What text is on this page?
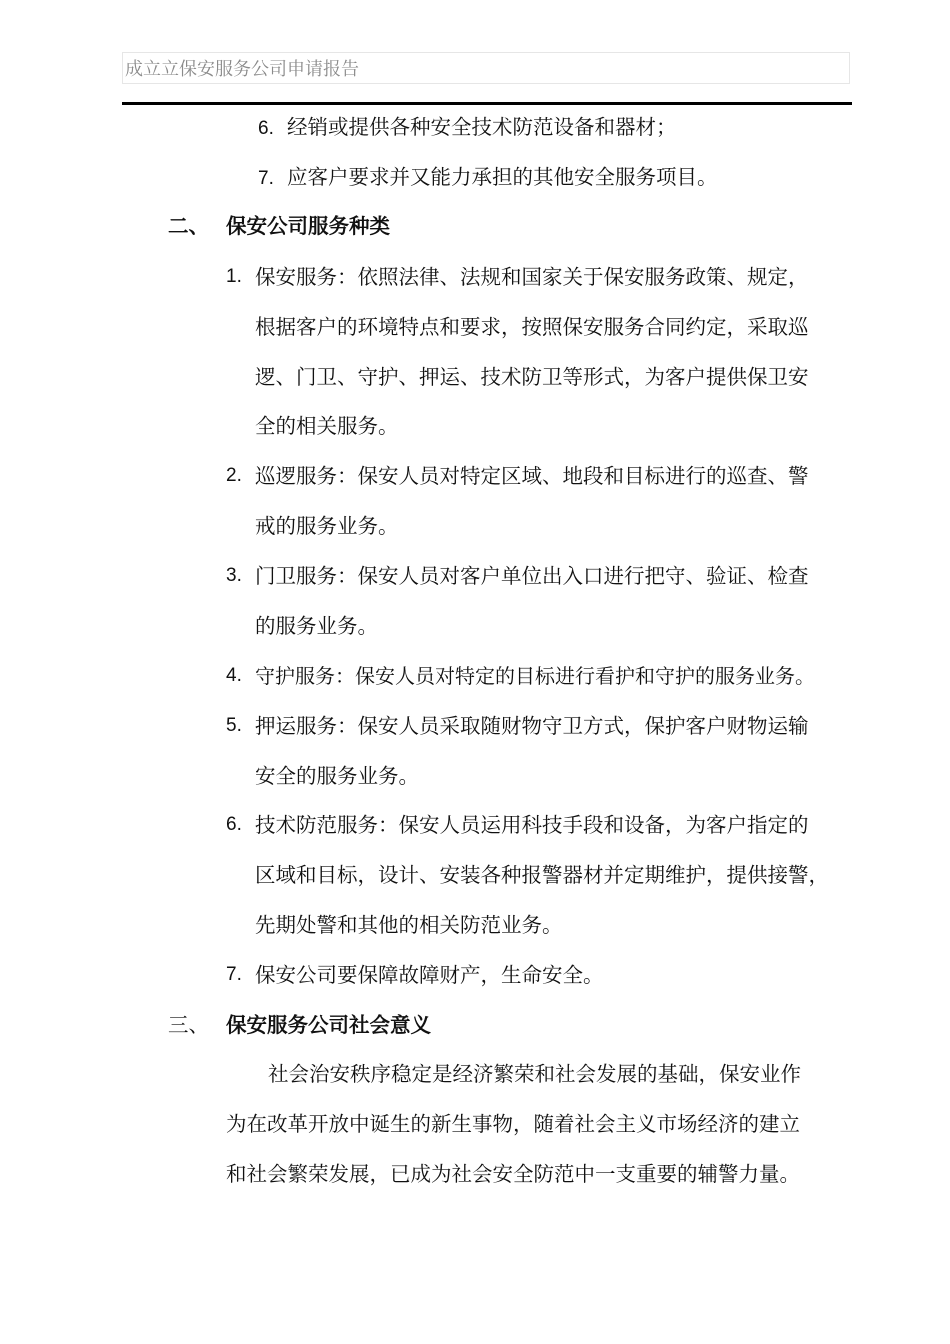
成立立保安服务公司申请报告
6. 经销或提供各种安全技术防范设备和器材；
7. 应客户要求并又能力承担的其他安全服务项目。
二、 保安公司服务种类
1. 保安服务：依照法律、法规和国家关于保安服务政策、规定，
根据客户的环境特点和要求，按照保安服务合同约定，采取巡
逻、门卫、守护、押运、技术防卫等形式，为客户提供保卫安
全的相关服务。
2. 巡逻服务：保安人员对特定区域、地段和目标进行的巡查、警
戒的服务业务。
3. 门卫服务：保安人员对客户单位出入口进行把守、验证、检查
的服务业务。
4. 守护服务：保安人员对特定的目标进行看护和守护的服务业务。
5. 押运服务：保安人员采取随财物守卫方式，保护客户财物运输
安全的服务业务。
6. 技术防范服务：保安人员运用科技手段和设备，为客户指定的
区域和目标，设计、安装各种报警器材并定期维护，提供接警，
先期处警和其他的相关防范业务。
7. 保安公司要保障故障财产，生命安全。
三、 保安服务公司社会意义
社会治安秩序稳定是经济繁荣和社会发展的基础，保安业作
为在改革开放中诞生的新生事物，随着社会主义市场经济的建立
和社会繁荣发展，已成为社会安全防范中一支重要的辅警力量。
